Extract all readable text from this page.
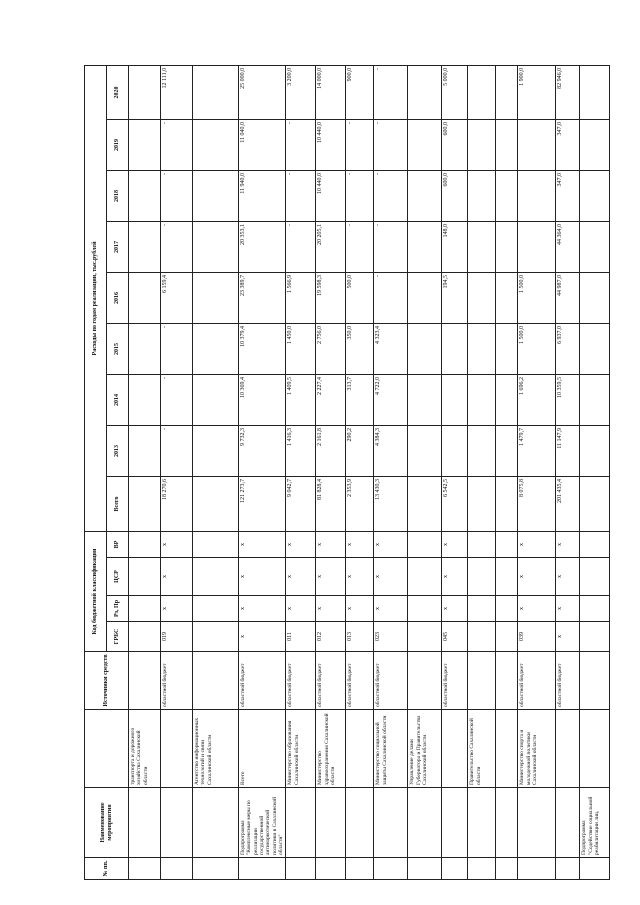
№ пп.	Наименование мероприятия		Источники средств	Код бюджетной классификации				Расходы по годам реализации, тыс.рублей								
				ГРБС	Рз, Пр	ЦСР	ВР	Всего	2013	2014	2015	2016	2017	2018	2019	2020
		транспорта и дорожного хозяйства Сахалинской области														
			областной бюджет	019	х	х	х	18 270,6	-	-	-	6 159,4	-	-	-	12 111,0
		Агентство информационных технологий и связи Сахалинской области														
	Подпрограмма "Комплексные меры по реализации государственной антинаркотической политики в Сахалинской области"	Всего	областной бюджет	х	х	х	х	121 273,7	9 732,3	10 369,4	10 379,4	23 389,7	20 353,1	11 940,0	11 040,0	25 000,0
		Министерство образования Сахалинской области	областной бюджет	011	х	х	х	9 042,7	1 416,3	1 409,5	1 450,0	1 566,9	-	-	-	3 200,0
		Министерство здравоохранения Сахалинской области	областной бюджет	012	х	х	х	81 828,4	2 161,8	2 227,4	2 756,0	19 598,3	20 205,1	10 440,0	10 440,0	14 000,0
			областной бюджет	013	х	х	х	2 353,9	290,2	313,7	350,0	500,0	-	-	-	900,0
		Министерство социальной защиты Сахалинской области	областной бюджет	023	х	х	х	13 430,3	4 384,3	4 722,0	4 323,4	-	-	-	-	-
		Управление делами Губернатора и Правительства Сахалинской области														
			областной бюджет	045	х	х	х	6 542,5				194,5	148,0	600,0	600,0	5 000,0
		Правительство Сахалинской области														

		Министерство спорта и молодежной политики Сахалинской области	областной бюджет	039	х	х	х	8 075,8	1 479,7	1 696,2	1 500,0	1 500,0				1 900,0
			областной бюджет	х	х	х	х	201 435,4	11 147,9	10 359,5	6 937,0	44 987,0	44 364,0	347,0	347,0	82 946,0
	Подпрограмма "Содействие социальной реабилитации лиц,															
